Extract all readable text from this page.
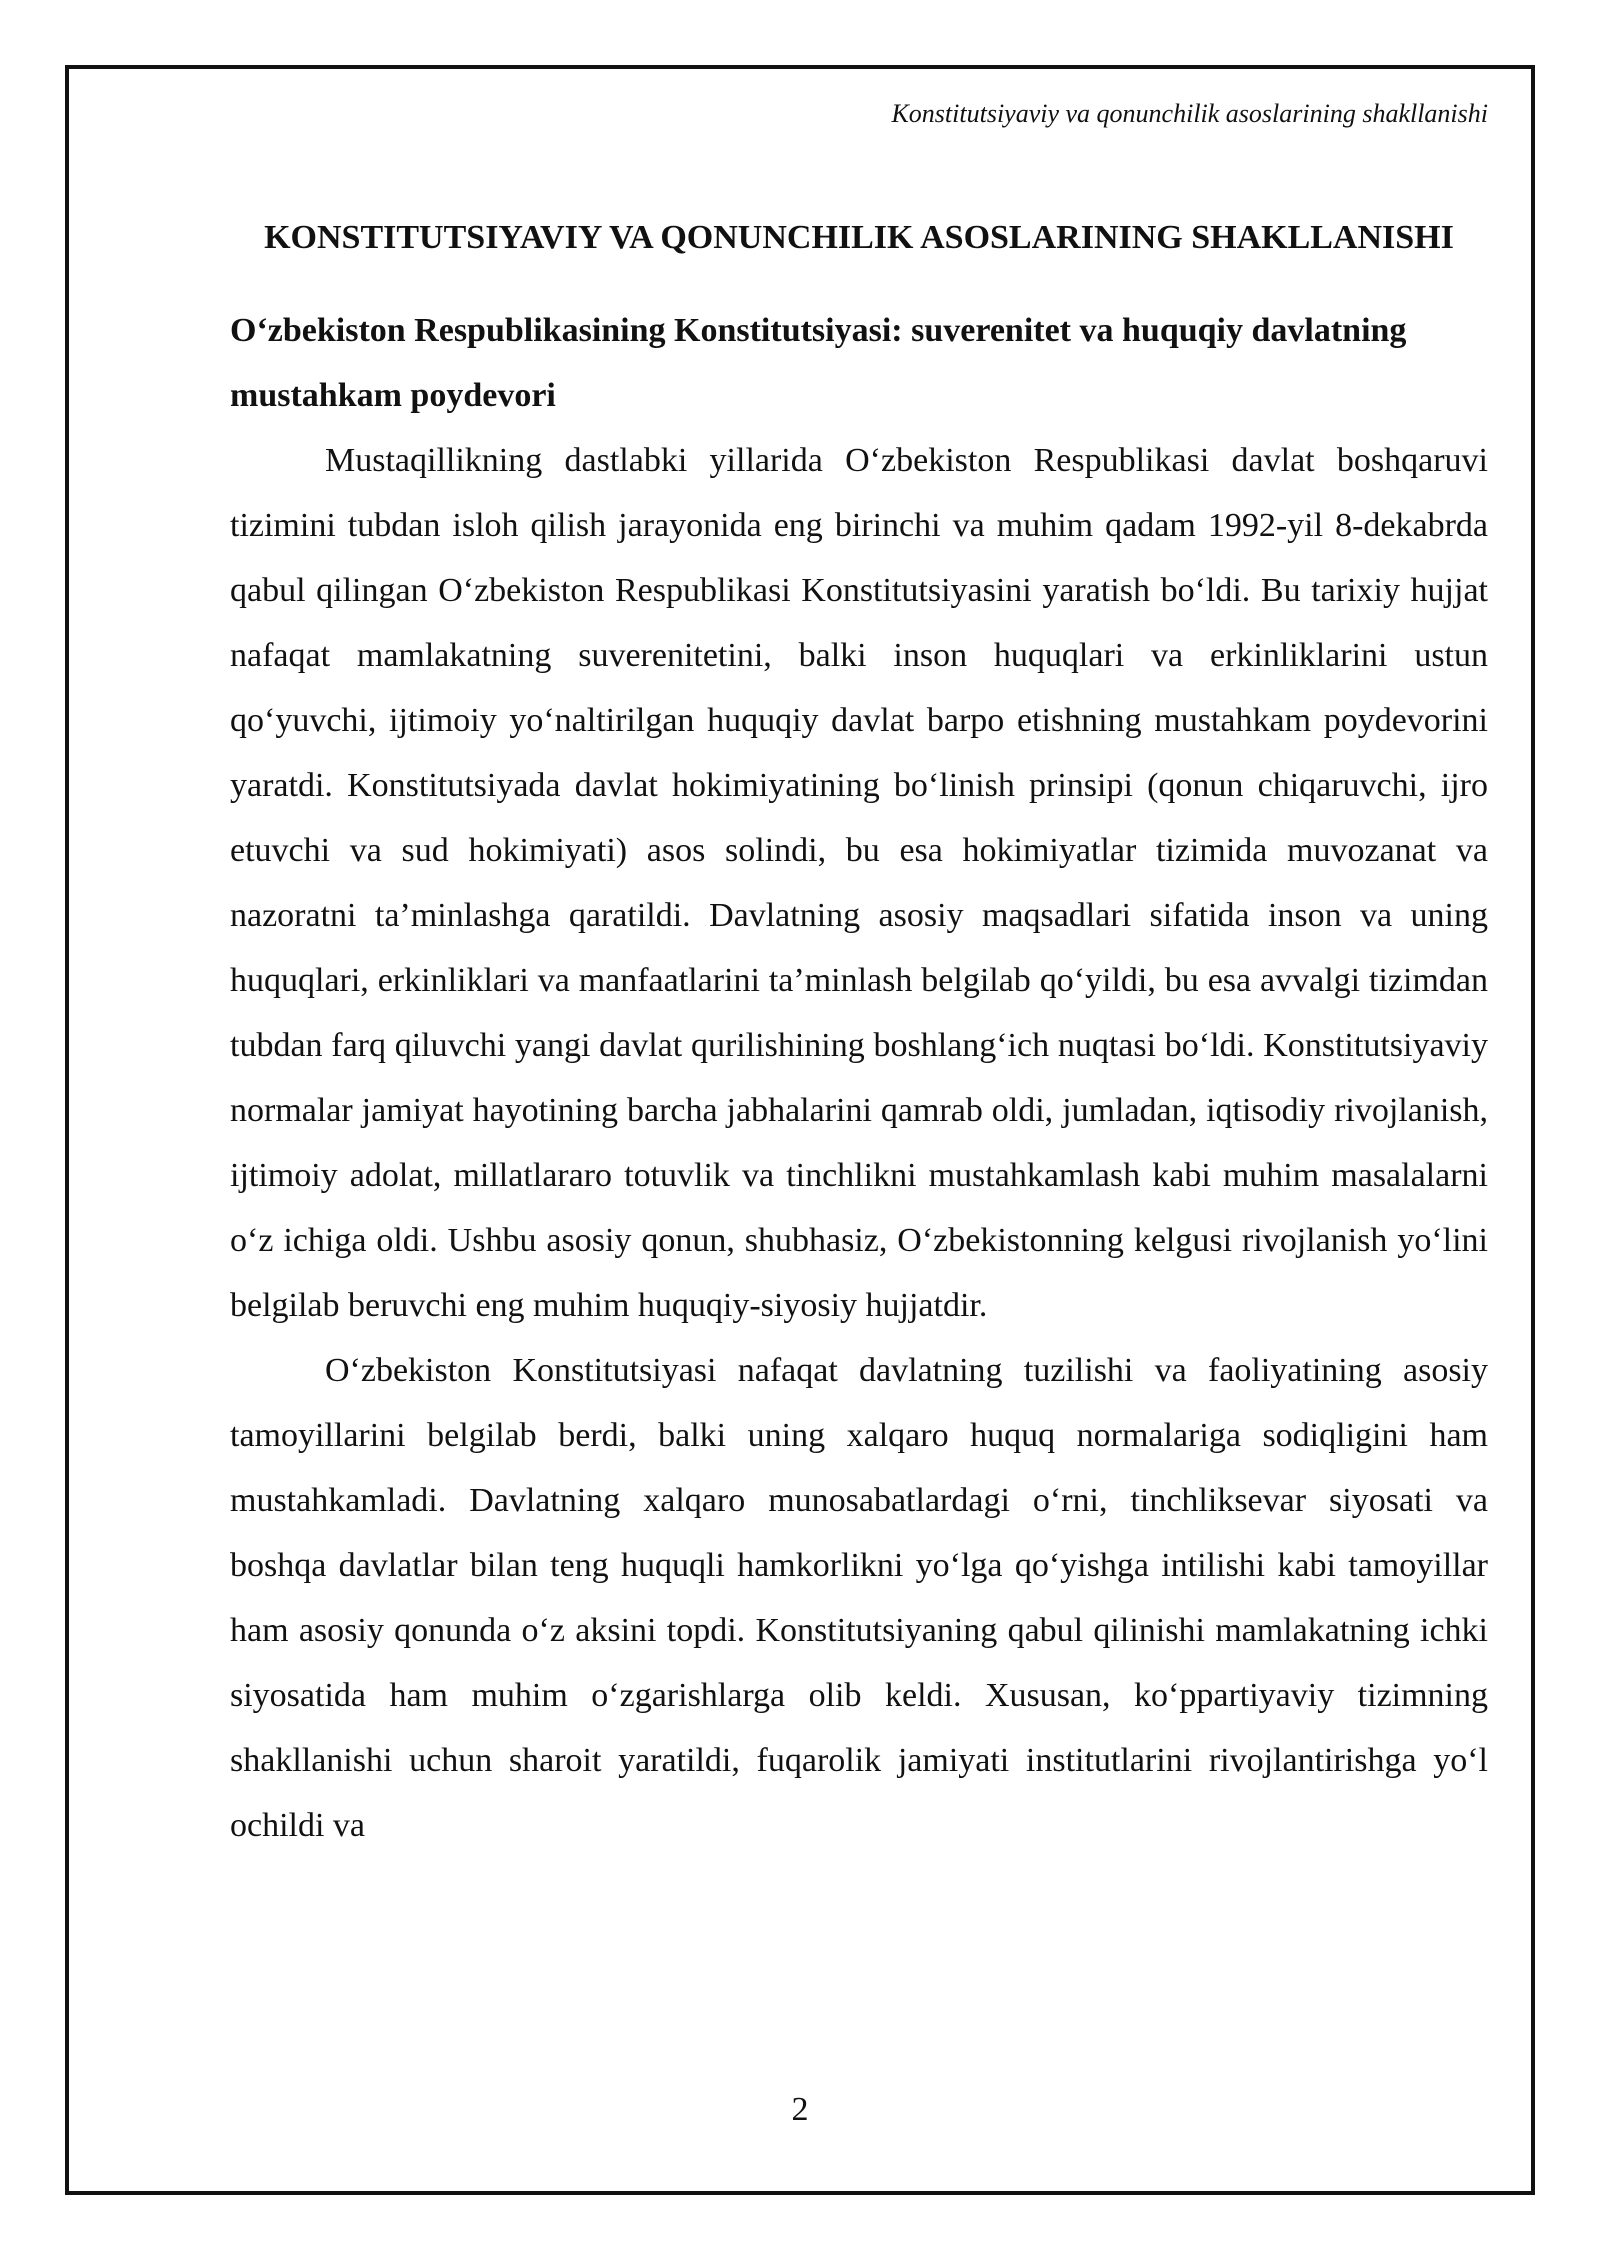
Konstitutsiyaviy va qonunchilik asoslarining shakllanishi
KONSTITUTSIYAVIY VA QONUNCHILIK ASOSLARINING SHAKLLANISHI
O‘zbekiston Respublikasining Konstitutsiyasi: suverenitet va huquqiy davlatning mustahkam poydevori

Mustaqillikning dastlabki yillarida O‘zbekiston Respublikasi davlat boshqaruvi tizimini tubdan isloh qilish jarayonida eng birinchi va muhim qadam 1992-yil 8-dekabrda qabul qilingan O‘zbekiston Respublikasi Konstitutsiyasini yaratish bo‘ldi. Bu tarixiy hujjat nafaqat mamlakatning suverenitetini, balki inson huquqlari va erkinliklarini ustun qo‘yuvchi, ijtimoiy yo‘naltirilgan huquqiy davlat barpo etishning mustahkam poydevorini yaratdi. Konstitutsiyada davlat hokimiyatining bo‘linish prinsipi (qonun chiqaruvchi, ijro etuvchi va sud hokimiyati) asos solindi, bu esa hokimiyatlar tizimida muvozanat va nazoratni ta’minlashga qaratildi. Davlatning asosiy maqsadlari sifatida inson va uning huquqlari, erkinliklari va manfaatlarini ta’minlash belgilab qo‘yildi, bu esa avvalgi tizimdan tubdan farq qiluvchi yangi davlat qurilishining boshlang‘ich nuqtasi bo‘ldi. Konstitutsiyaviy normalar jamiyat hayotining barcha jabhalarini qamrab oldi, jumladan, iqtisodiy rivojlanish, ijtimoiy adolat, millatlararo totuvlik va tinchlikni mustahkamlash kabi muhim masalalarni o‘z ichiga oldi. Ushbu asosiy qonun, shubhasiz, O‘zbekistonning kelgusi rivojlanish yo‘lini belgilab beruvchi eng muhim huquqiy-siyosiy hujjatdir.

O‘zbekiston Konstitutsiyasi nafaqat davlatning tuzilishi va faoliyatining asosiy tamoyillarini belgilab berdi, balki uning xalqaro huquq normalariga sodiqligini ham mustahkamladi. Davlatning xalqaro munosabatlardagi o‘rni, tinchliksevar siyosati va boshqa davlatlar bilan teng huquqli hamkorlikni yo‘lga qo‘yishga intilishi kabi tamoyillar ham asosiy qonunda o‘z aksini topdi. Konstitutsiyaning qabul qilinishi mamlakatning ichki siyosatida ham muhim o‘zgarishlarga olib keldi. Xususan, ko‘ppartiyaviy tizimning shakllanishi uchun sharoit yaratildi, fuqarolik jamiyati institutlarini rivojlantirishga yo‘l ochildi va

2
